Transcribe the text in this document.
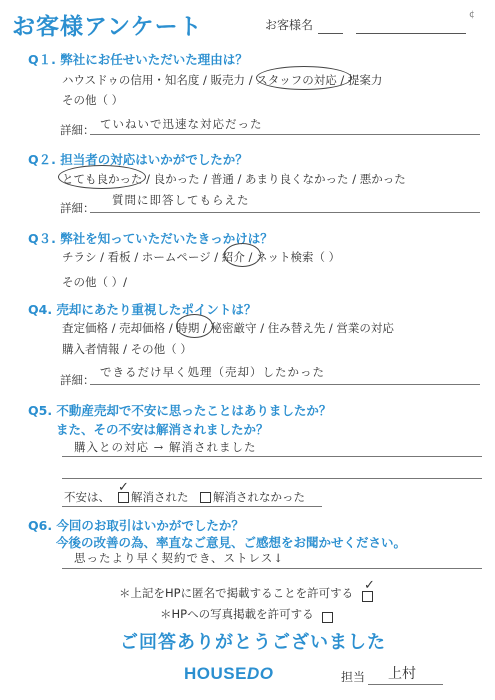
お客様アンケート	お客様名
¢
Q１. 弊社にお任せいただいた理由は？
ハウスドゥの信用・知名度 / 販売力 / スタッフの対応 / 提案力
その他（ ）
詳細： ていねいで迅速な対応だった
Q２. 担当者の対応はいかがでしたか？
とても良かった / 良かった / 普通 / あまり良くなかった / 悪かった
詳細：
質問に即答してもらえた
Q３. 弊社を知っていただいたきっかけは？
チラシ / 看板 / ホームページ / 紹介 / ネット検索（ ）
その他（ ）/
Q4. 売却にあたり重視したポイントは？
査定価格 / 売却価格 / 時期 / 秘密厳守 / 住み替え先 / 営業の対応
購入者情報 / その他（ ）
詳細：
できるだけ早く処理（売却）したかった
Q5. 不動産売却で不安に思ったことはありましたか？
また、その不安は解消されましたか？
購入との対応 → 解消されました
不安は、	解消された
✓
解消されなかった
Q6. 今回のお取引はいかがでしたか？
今後の改善の為、率直なご意見、ご感想をお聞かせください。
思ったより早く契約でき、ストレス↓
＊上記をHPに匿名で掲載することを許可する ✓
＊HPへの写真掲載を許可する
ご回答ありがとうございました
HOUSEDO	担当 上村
